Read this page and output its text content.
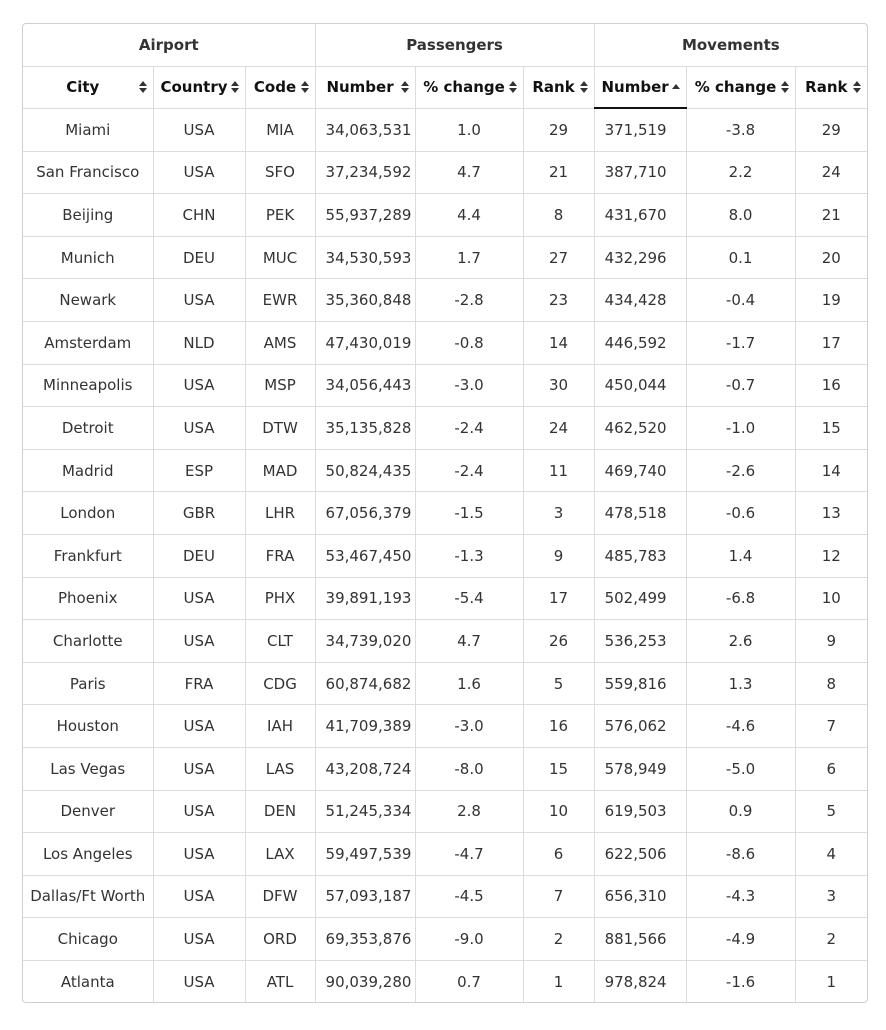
Airport			Passengers			Movements		

City	Country	Code	Number	% change	Rank	Number	% change	Rank

Miami	USA	MIA	34,063,531	1.0	29	371,519	-3.8	29
San Francisco	USA	SFO	37,234,592	4.7	21	387,710	2.2	24
Beijing	CHN	PEK	55,937,289	4.4	8	431,670	8.0	21
Munich	DEU	MUC	34,530,593	1.7	27	432,296	0.1	20
Newark	USA	EWR	35,360,848	-2.8	23	434,428	-0.4	19
Amsterdam	NLD	AMS	47,430,019	-0.8	14	446,592	-1.7	17
Minneapolis	USA	MSP	34,056,443	-3.0	30	450,044	-0.7	16
Detroit	USA	DTW	35,135,828	-2.4	24	462,520	-1.0	15
Madrid	ESP	MAD	50,824,435	-2.4	11	469,740	-2.6	14
London	GBR	LHR	67,056,379	-1.5	3	478,518	-0.6	13
Frankfurt	DEU	FRA	53,467,450	-1.3	9	485,783	1.4	12
Phoenix	USA	PHX	39,891,193	-5.4	17	502,499	-6.8	10
Charlotte	USA	CLT	34,739,020	4.7	26	536,253	2.6	9
Paris	FRA	CDG	60,874,682	1.6	5	559,816	1.3	8
Houston	USA	IAH	41,709,389	-3.0	16	576,062	-4.6	7
Las Vegas	USA	LAS	43,208,724	-8.0	15	578,949	-5.0	6
Denver	USA	DEN	51,245,334	2.8	10	619,503	0.9	5
Los Angeles	USA	LAX	59,497,539	-4.7	6	622,506	-8.6	4
Dallas/Ft Worth	USA	DFW	57,093,187	-4.5	7	656,310	-4.3	3
Chicago	USA	ORD	69,353,876	-9.0	2	881,566	-4.9	2
Atlanta	USA	ATL	90,039,280	0.7	1	978,824	-1.6	1
